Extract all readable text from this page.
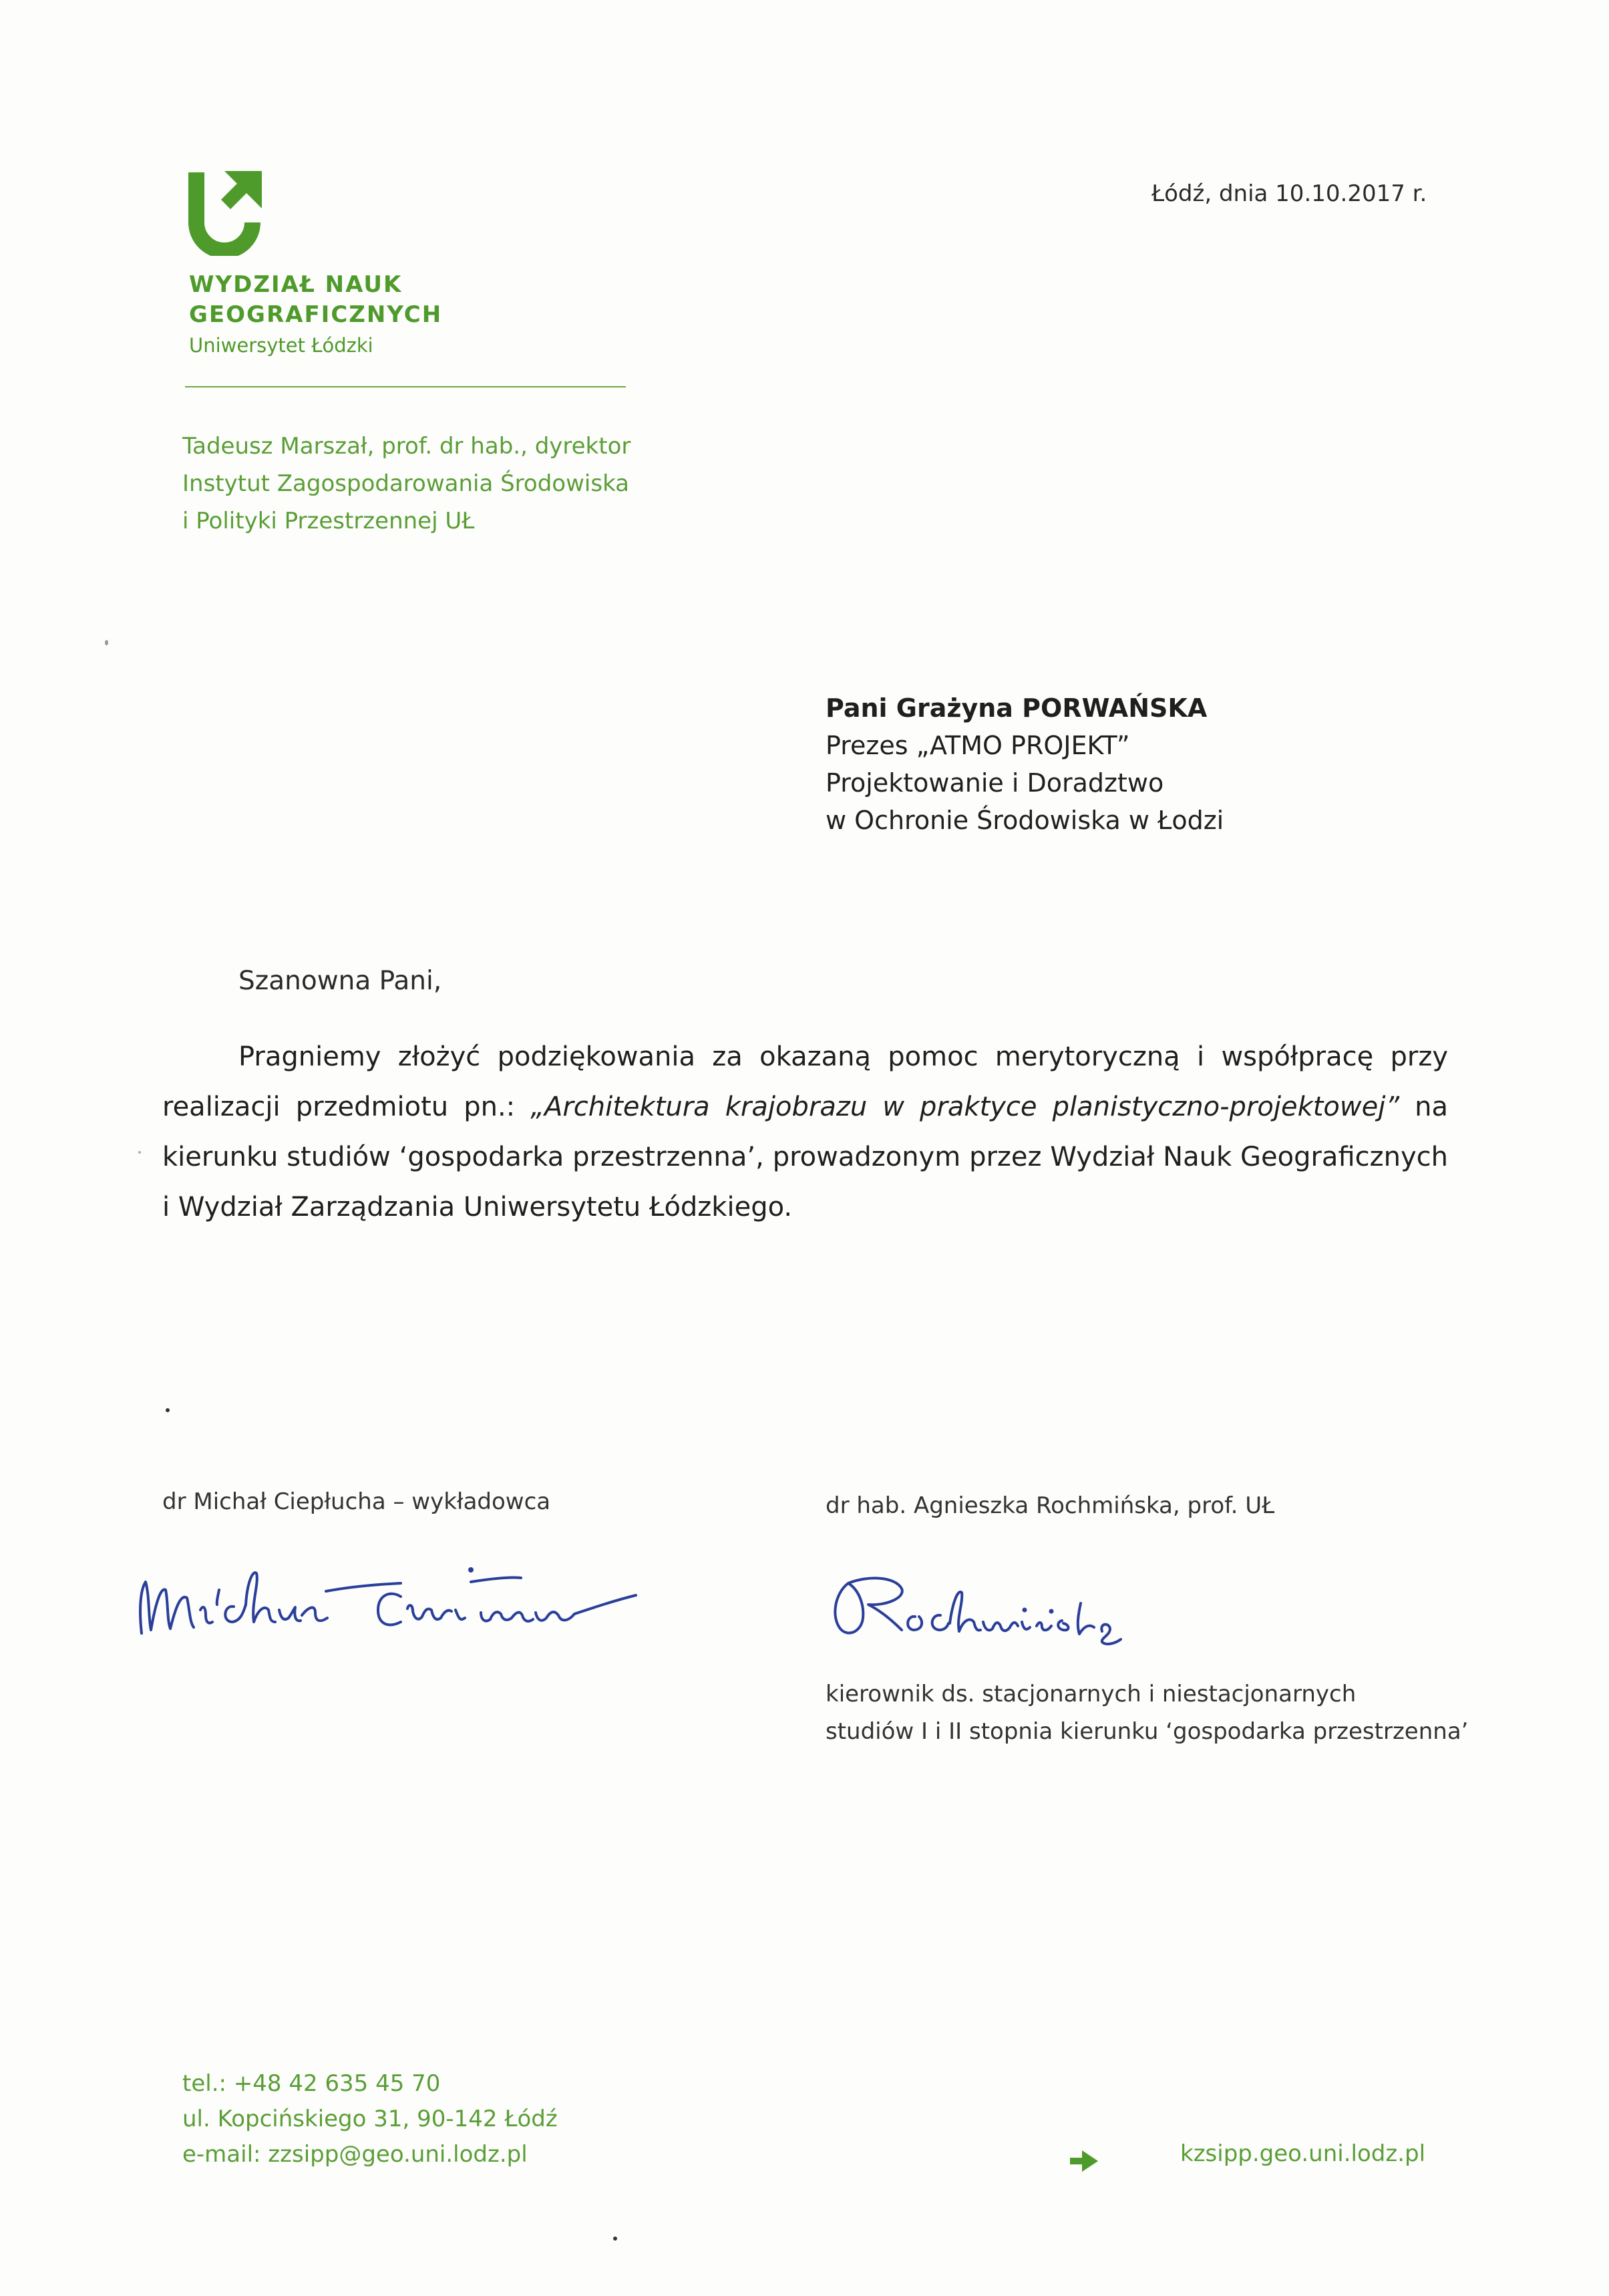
WYDZIAŁ NAUK
GEOGRAFICZNYCH
Uniwersytet Łódzki
Łódź, dnia 10.10.2017 r.
Tadeusz Marszał, prof. dr hab., dyrektor
Instytut Zagospodarowania Środowiska
i Polityki Przestrzennej UŁ
Pani Grażyna PORWAŃSKA
Prezes „ATMO PROJEKT”
Projektowanie i Doradztwo
w Ochronie Środowiska w Łodzi
Szanowna Pani,
Pragniemy złożyć podziękowania za okazaną pomoc merytoryczną i współpracę przy realizacji przedmiotu pn.: „Architektura krajobrazu w praktyce planistyczno-projektowej” na kierunku studiów ‘gospodarka przestrzenna’, prowadzonym przez Wydział Nauk Geograficznych i Wydział Zarządzania Uniwersytetu Łódzkiego.
dr Michał Ciepłucha – wykładowca	dr hab. Agnieszka Rochmińska, prof. UŁ
kierownik ds. stacjonarnych i niestacjonarnych
studiów I i II stopnia kierunku ‘gospodarka przestrzenna’
tel.: +48 42 635 45 70
ul. Kopcińskiego 31, 90-142 Łódź
e-mail: zzsipp@geo.uni.lodz.pl	kzsipp.geo.uni.lodz.pl
